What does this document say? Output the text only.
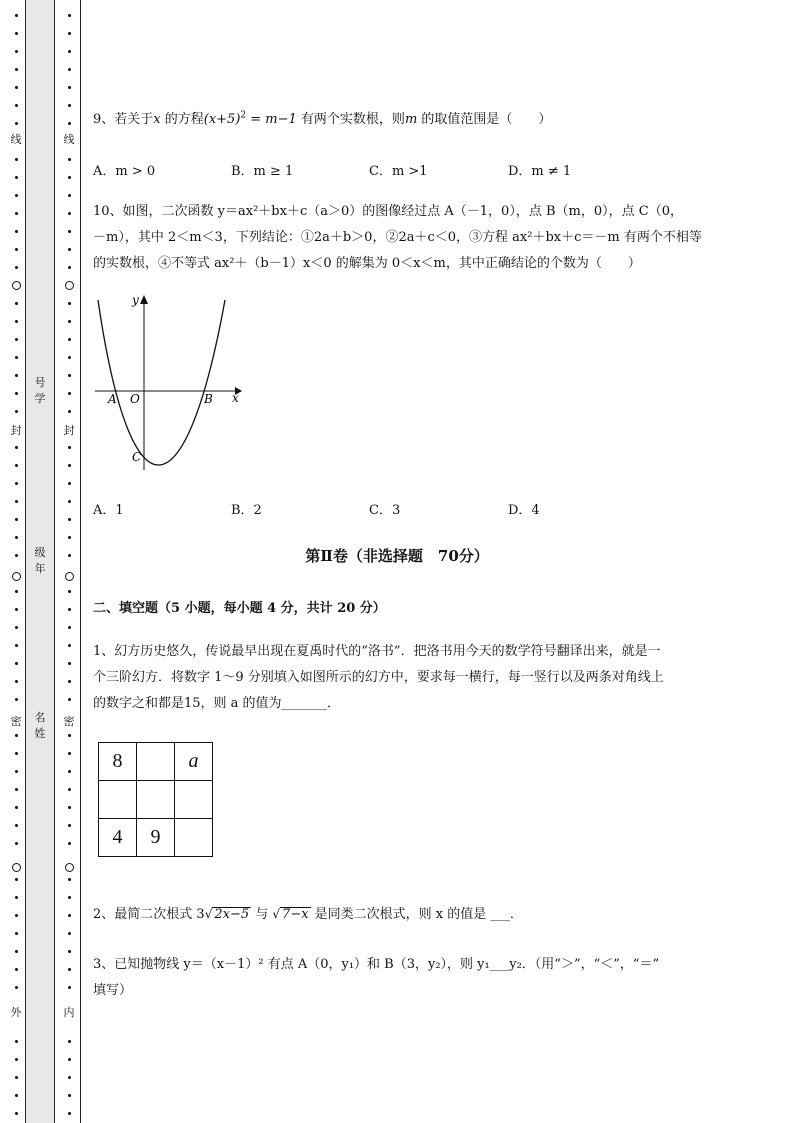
号
学
级
年
名
姓
线
封
密
外
线
封
密
内
9、若关于x 的方程$(x+5)^2 = m-1$ 有两个实数根，则m 的取值范围是（　　）
A．m > 0	B．m ≥ 1	C．m >1	D．m ≠ 1
10、如图，二次函数 y＝ax²＋bx＋c（a＞0）的图像经过点 A（－1，0），点 B（m，0），点 C（0，
－m），其中 2＜m＜3，下列结论：①2a＋b＞0，②2a＋c＜0，③方程 ax²＋bx＋c＝－m 有两个不相等
的实数根，④不等式 ax²＋（b－1）x＜0 的解集为 0＜x＜m，其中正确结论的个数为（　　）
y
x
A O	B
C
A．1	B．2	C．3	D．4
第Ⅱ卷（非选择题　70分）
二、填空题（5 小题，每小题 4 分，共计 20 分）
1、幻方历史悠久，传说最早出现在夏禹时代的“洛书”．把洛书用今天的数学符号翻译出来，就是一
个三阶幻方．将数字 1～9 分别填入如图所示的幻方中，要求每一横行，每一竖行以及两条对角线上
的数字之和都是15，则 a 的值为_______．
8		a

4	9	
2、最简二次根式 3√ 2x−5 与 √ 7−x 是同类二次根式，则 x 的值是 ___．
3、已知抛物线 y＝（x－1）² 有点 A（0，y₁）和 B（3，y₂），则 y₁___y₂．（用“＞”，“＜”，“＝”
填写）
